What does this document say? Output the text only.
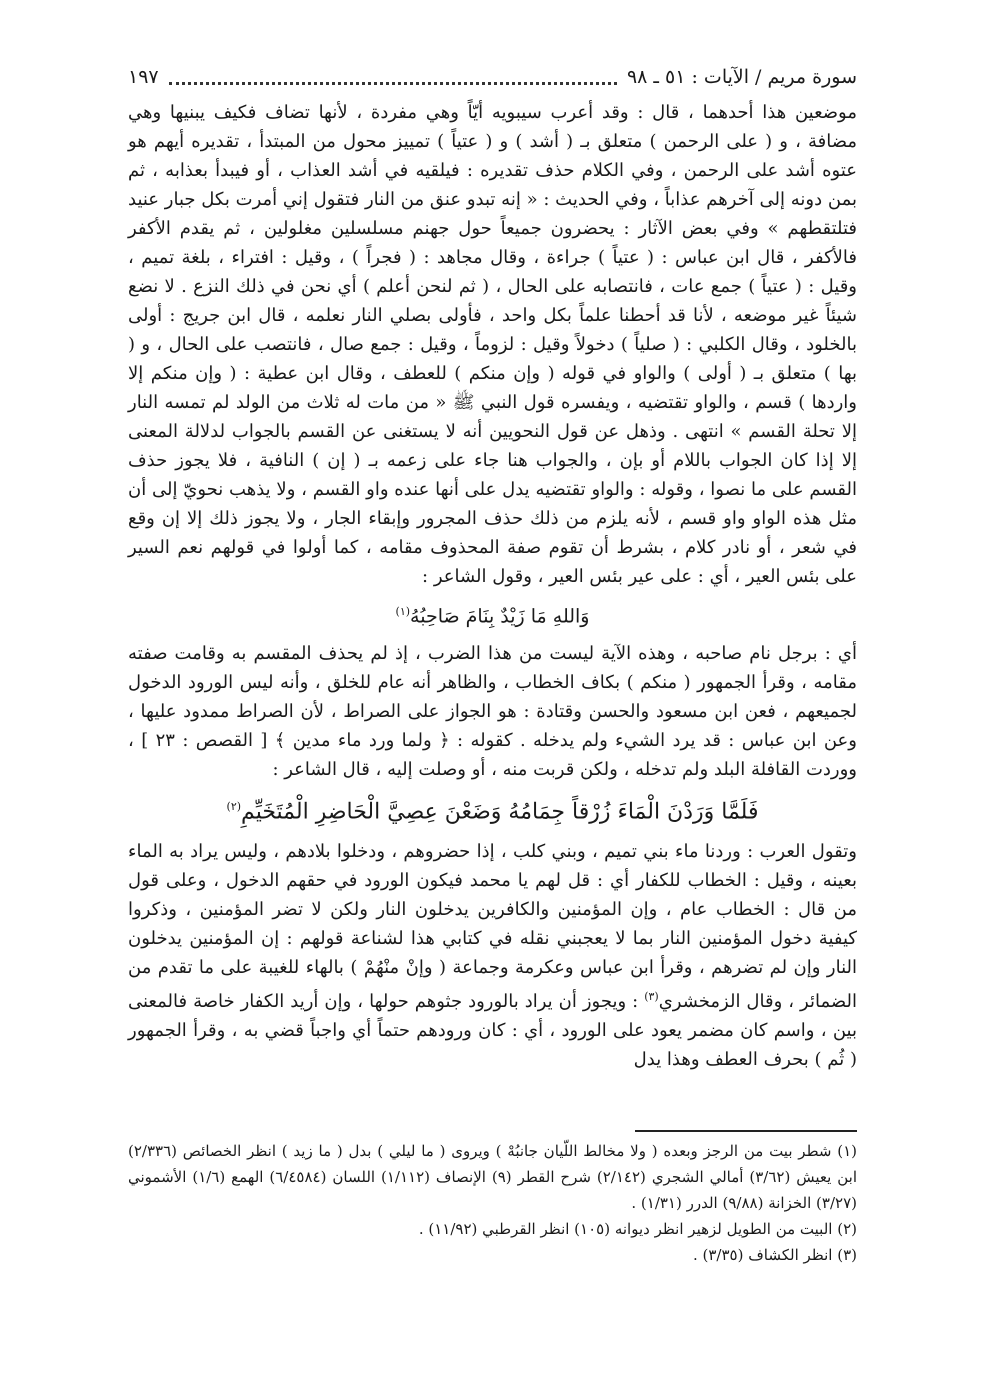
سورة مريم / الآيات : ٥١ ـ ٩٨
١٩٧

موضعين هذا أحدهما ، قال : وقد أعرب سيبويه أيّاً وهي مفردة ، لأنها تضاف فكيف يبنيها وهي مضافة ، و ( على الرحمن ) متعلق بـ ( أشد ) و ( عتياً ) تمييز محول من المبتدأ ، تقديره أيهم هو عتوه أشد على الرحمن ، وفي الكلام حذف تقديره : فيلقيه في أشد العذاب ، أو فيبدأ بعذابه ، ثم بمن دونه إلى آخرهم عذاباً ، وفي الحديث : « إنه تبدو عنق من النار فتقول إني أمرت بكل جبار عنيد فتلتقطهم » وفي بعض الآثار : يحضرون جميعاً حول جهنم مسلسلين مغلولين ، ثم يقدم الأكفر فالأكفر ، قال ابن عباس : ( عتياً ) جراءة ، وقال مجاهد : ( فجراً ) ، وقيل : افتراء ، بلغة تميم ، وقيل : ( عتياً ) جمع عات ، فانتصابه على الحال ، ( ثم لنحن أعلم ) أي نحن في ذلك النزع . لا نضع شيئاً غير موضعه ، لأنا قد أحطنا علماً بكل واحد ، فأولى بصلي النار نعلمه ، قال ابن جريج : أولى بالخلود ، وقال الكلبي : ( صلياً ) دخولاً وقيل : لزوماً ، وقيل : جمع صال ، فانتصب على الحال ، و ( بها ) متعلق بـ ( أولى ) والواو في قوله ( وإن منكم ) للعطف ، وقال ابن عطية : ( وإن منكم إلا واردها ) قسم ، والواو تقتضيه ، ويفسره قول النبي ﷺ « من مات له ثلاث من الولد لم تمسه النار إلا تحلة القسم » انتهى . وذهل عن قول النحويين أنه لا يستغنى عن القسم بالجواب لدلالة المعنى إلا إذا كان الجواب باللام أو بإن ، والجواب هنا جاء على زعمه بـ ( إن ) النافية ، فلا يجوز حذف القسم على ما نصوا ، وقوله : والواو تقتضيه يدل على أنها عنده واو القسم ، ولا يذهب نحويّ إلى أن مثل هذه الواو واو قسم ، لأنه يلزم من ذلك حذف المجرور وإبقاء الجار ، ولا يجوز ذلك إلا إن وقع في شعر ، أو نادر كلام ، بشرط أن تقوم صفة المحذوف مقامه ، كما أولوا في قولهم نعم السير على بئس العير ، أي : على عير بئس العير ، وقول الشاعر :

وَاللهِ مَا زَيْدٌ بِنَامَ صَاحِبُهُ$^{(١)}$

أي : برجل نام صاحبه ، وهذه الآية ليست من هذا الضرب ، إذ لم يحذف المقسم به وقامت صفته مقامه ، وقرأ الجمهور ( منكم ) بكاف الخطاب ، والظاهر أنه عام للخلق ، وأنه ليس الورود الدخول لجميعهم ، فعن ابن مسعود والحسن وقتادة : هو الجواز على الصراط ، لأن الصراط ممدود عليها ، وعن ابن عباس : قد يرد الشيء ولم يدخله . كقوله : ﴿ ولما ورد ماء مدين ﴾ [ القصص : ٢٣ ] ، ووردت القافلة البلد ولم تدخله ، ولكن قربت منه ، أو وصلت إليه ، قال الشاعر :

فَلَمَّا وَرَدْنَ الْمَاءَ زُرْقاً جِمَامُهُ وَضَعْنَ عِصِيَّ الْحَاضِرِ الْمُتَخَيِّمِ$^{(٢)}$

وتقول العرب : وردنا ماء بني تميم ، وبني كلب ، إذا حضروهم ، ودخلوا بلادهم ، وليس يراد به الماء بعينه ، وقيل : الخطاب للكفار أي : قل لهم يا محمد فيكون الورود في حقهم الدخول ، وعلى قول من قال : الخطاب عام ، وإن المؤمنين والكافرين يدخلون النار ولكن لا تضر المؤمنين ، وذكروا كيفية دخول المؤمنين النار بما لا يعجبني نقله في كتابي هذا لشناعة قولهم : إن المؤمنين يدخلون النار وإن لم تضرهم ، وقرأ ابن عباس وعكرمة وجماعة ( وإنْ منْهُمْ ) بالهاء للغيبة على ما تقدم من الضمائر ، وقال الزمخشري$^{(٣)}$ : ويجوز أن يراد بالورود جثوهم حولها ، وإن أريد الكفار خاصة فالمعنى بين ، واسم كان مضمر يعود على الورود ، أي : كان ورودهم حتماً أي واجباً قضي به ، وقرأ الجمهور ( ثُم ) بحرف العطف وهذا يدل

(١) شطر بيت من الرجز وبعده ( ولا مخالط اللّيان جانبُهْ ) ويروى ( ما ليلي ) بدل ( ما زيد ) انظر الخصائص (٢/٣٣٦) ابن يعيش (٣/٦٢) أمالي الشجري (٢/١٤٢) شرح القطر (٩) الإنصاف (١/١١٢) اللسان (٦/٤٥٨٤) الهمع (١/٦) الأشموني (٣/٢٧) الخزانة (٩/٨٨) الدرر (١/٣١) .

(٢) البيت من الطويل لزهير انظر ديوانه (١٠٥) انظر القرطبي (١١/٩٢) .

(٣) انظر الكشاف (٣/٣٥) .
